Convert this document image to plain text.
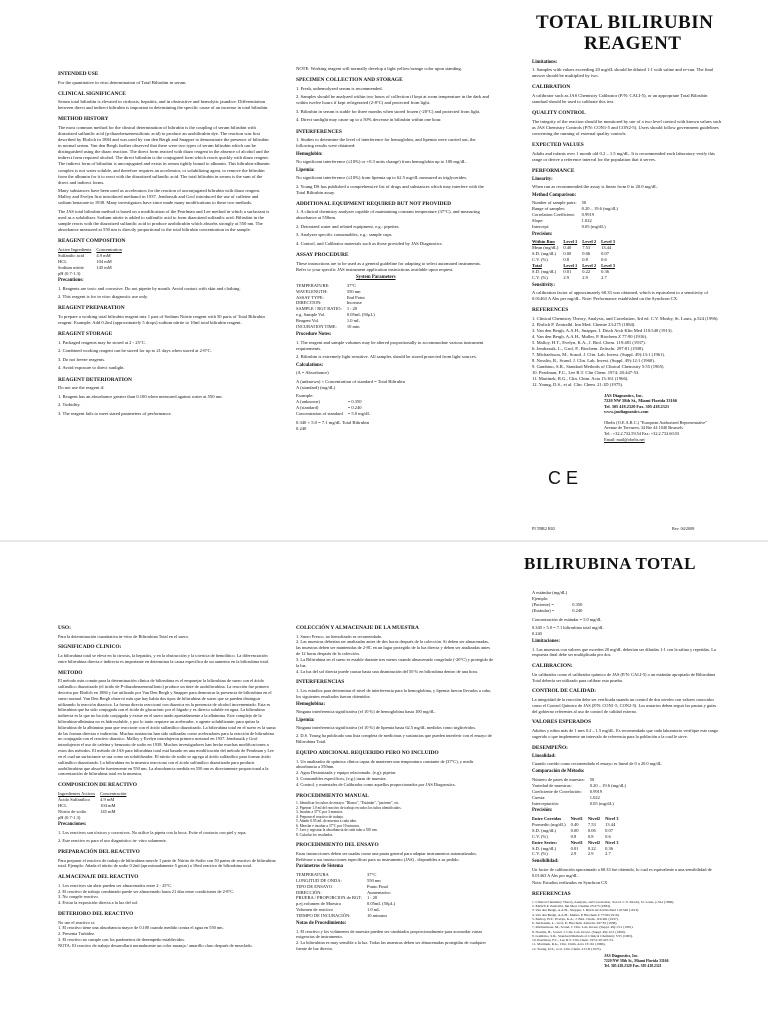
TOTAL BILIRUBIN
REAGENT
INTENDED USE

For the quantitative in vitro determination of Total Bilirubin in serum.

CLINICAL SIGNIFICANCE

Serum total bilirubin is elevated in cirrhosis, hepatitis, and in obstructive and hemolytic jaundice. Differentiation between direct and indirect bilirubin is important in determining the specific cause of an increase in total bilirubin.

METHOD HISTORY

The most common method for the clinical determination of bilirubin is the coupling of serum bilirubin with diazotized sulfanilic acid (p-diazobenzenesulfonic acid) to produce an azobilirubin dye. The reaction was first described by Ehrlich in 1884 and was used by van den Bergh and Snapper to demonstrate the presence of bilirubin in normal serum. Van den Bergh further observed that there were two types of serum bilirubin which can be distinguished using the diazo reaction. The direct form reacted with diazo reagent in the absence of alcohol and the indirect form required alcohol. The direct bilirubin is the conjugated form which reacts quickly with diazo reagent. The indirect form of bilirubin is unconjugated and exists in serum tightly bound to albumin. This bilirubin-albumin complex is not water soluble, and therefore requires an accelerator, or solubilizing agent, to remove the bilirubin from the albumin for it to react with the diazotized sulfanilic acid. The total bilirubin in serum is the sum of the direct and indirect forms.

Many substances have been used as accelerators for the reaction of unconjugated bilirubin with diazo reagent. Malloy and Evelyn first introduced methanol in 1937. Jendrassik and Grof introduced the use of caffeine and sodium benzoate in 1938. Many investigators have since made many modifications to these two methods.

The JAS total bilirubin method is based on a modification of the Pearlman and Lee method in which a surfactant is used as a solubilizer. Sodium nitrite is added to sulfanilic acid to form diazotized sulfanilic acid. Bilirubin in the sample reacts with the diazotized sulfanilic acid to produce azobilirubin which absorbs strongly at 550 nm. The absorbance measured at 550 nm is directly proportional to the total bilirubin concentration in the sample.

REAGENT COMPOSITION
Active Ingredients	Concentration
Sulfanilic acid	4.9 mM
HCL	104 mM
Sodium nitrite	145 mM
pH (0.7-1.3)	
Precautions:

1. Reagents are toxic and corrosive. Do not pipette by mouth. Avoid contact with skin and clothing.

2. This reagent is for in vitro diagnostic use only.

REAGENT PREPARATION

To prepare a working total bilirubin reagent mix 1 part of Sodium Nitrite reagent with 50 parts of Total Bilirubin reagent. Example: Add 0.2ml (approximately 5 drops) sodium nitrite to 10ml total bilirubin reagent.

REAGENT STORAGE

1. Packaged reagents may be stored at 2 - 25°C.

2. Combined working reagent can be stored for up to 21 days when stored at 2-8°C.

3. Do not freeze reagents.

4. Avoid exposure to direct sunlight.

REAGENT DETERIORATION

Do not use the reagent if:

1. Reagent has an absorbance greater than 0.100 when measured against water at 550 nm.

2. Turbidity.

3. The reagent fails to meet stated parameters of performance.

NOTE: Working reagent will normally develop a light yellow/orange color upon standing.

SPECIMEN COLLECTION AND STORAGE

1. Fresh, unhemolyzed serum is recommended.

2. Samples should be analyzed within two hours of collection if kept at room temperature in the dark and within twelve hours if kept refrigerated (2-8°C) and protected from light.

3. Bilirubin in serum is stable for three months when stored frozen (-20°C) and protected from light.

4. Direct sunlight may cause up to a 50% decrease in bilirubin within one hour.

INTERFERENCES

1. Studies to determine the level of interference for hemoglobin, and lipemia were carried out, the following results were obtained:

Hemoglobin:

No significant interference (≤10%) or +0.3 units change) from hemoglobin up to 100 mg/dL.

Lipemia:

No significant interference (≤10%) from lipemia up to 62.5 mg/dL measured as triglycerides.

2. Young DS has published a comprehensive list of drugs and substances which may interfere with the Total Bilirubin assay.

ADDITIONAL EQUIPMENT REQUIRED BUT NOT PROVIDED

1. A clinical chemistry analyzer capable of maintaining constant temperature (37°C), and measuring absorbance at 550nm.

2. Deionized water and related equipment, e.g.: pipettes.

3. Analyzer specific consumables, e.g.: sample cups.

4. Control, and Calibrator materials such as those provided by JAS Diagnostics.

ASSAY PROCEDURE

These instructions are to be used as a general guideline for adapting to select automated instruments. Refer to your specific JAS instrument application instructions available upon request.

System Parameters
TEMPERATURE:	37°C
WAVELENGTH:	550 nm
ASSAY TYPE:	End Point
DIRECTION:	Increase
SAMPLE / RGT RATIO:	1 : 20
e.g. Sample Vol.	0.05mL (50µL)
Reagent Vol.	1.0 mL
INCUBATION TIME:	10 min
Procedure Notes:

1. The reagent and sample volumes may be altered proportionally to accommodate various instrument requirements.

2. Bilirubin is extremely light sensitive. All samples should be stored protected from light sources.

Calculations:

(A = Absorbance)

A (unknown) × Concentration of standard = Total Bilirubin

A (standard) (mg/dL)

Example:

A (unknown)	= 0.350
A (standard)	= 0.240
Concentration of standard	= 5.0 mg/dL

0.340 × 5.0 = 7.1 mg/dL Total Bilirubin

0.240

Limitations:

1. Samples with values exceeding 20 mg/dL should be diluted 1:1 with saline and re-run. The final answer should be multiplied by two.

CALIBRATION

A calibrator such as JAS Chemistry Calibrator (P/N: CALI-5), or an appropriate Total Bilirubin standard should be used to calibrate this test.

QUALITY CONTROL

The integrity of the reaction should be monitored by use of a two level control with known values such as JAS Chemistry Controls (P/N: CON1-5 and CON2-5). Users should follow government guidelines concerning the running of external quality controls.

EXPECTED VALUES

Adults and infants over 1 month old 0.2 – 1.5 mg/dL. It is recommended each laboratory verify this range or derive a reference interval for the population that it serves.

PERFORMANCE
Linearity:

When run as recommended the assay is linear from 0 to 20.0 mg/dL.

Method Comparison:
Number of sample pairs:	50
Range of samples:	0.20 – 19.6 (mg/dL)
Correlation Coefficient:	0.9919
Slope:	1.022
Intercept:	0.05 (mg/dL)
Precision:
Within Run	Level 1	Level 2	Level 3
Mean (mg/dL)	0.40	7.53	13.44
S.D. (mg/dL)	0.00	0.06	0.07
C.V. (%)	0.8	0.8	0.6
Total	Level 1	Level 2	Level 3
S.D. (mg/dL)	0.01	0.22	0.36
C.V. (%)	2.9	2.9	2.7
Sensitivity:

A calibration factor of approximately 68.33 was obtained, which is equivalent to a sensitivity of 0.01463 A Abs per mg/dL. Note: Performance established on the Synchron CX.

REFERENCES

1. Clinical Chemistry Theory, Analysis, and Correlation, 3rd ed. C.V. Mosby, St. Louis, p.524 (1996).

2. Ehrlich P. Zentralbl. Inn Med. Chemie 23:275 (1884).

3. Van den Bergh, A.A.H., Snapper, I. Dtsch Arch Klin Med 110:540 (1913).

4. Van den Bergh, A.A.H., Muller, P. Biochem Z 77:90 (1916).

5. Malloy, H.T., Evelyn, K.A., J. Biol. Chem. 119:481 (1937).

6. Jendrassik, L., Grof, P., Biochem. Zeitschr. 297:81 (1938).

7. Michaelsson, M., Scand. J. Clin. Lab. Invest. (Suppl. 49):13:1 (1961).

8. Nosslin, B., Scand. J. Clin. Lab. Invest. (Suppl. 49):12:1 (1960).

9. Gambino, S.R., Standard Methods of Clinical Chemistry 5:55 (1965).

10. Pearlman, F.C., Lee R.T. Clin Chem. 1974; 20:447-53.

11. Martinek, R.G., Clin. Chim. Acta 13:161 (1966).

12. Young, D.S., et al. Clin. Chem. 21:1D (1975).

JAS Diagnostics, Inc.
7220 NW 58th St., Miami Florida 33166
Tel. 305 418.2320 Fax. 305 418.2321
www.jasdiagnostics.com
Obelis (O.E.A.R.C.) "European Authorized Representative"
Avenue de Tervuren, 34 Bte 44 1040 Brussels
Tel.: +32.2.732.59.54 Fax: +32.2.732.60.03
Email: mail@obelis.net
C E
PI TBR2 R02	Rev. 04/2008
BILIRUBINA TOTAL
USO:

Para la determinación cuantitativa in-vitro de Bilirrubina Total en el suero.

SIGNIFICADO CLINICO:

La bilirrubina total se eleva en la cirrosis, la hepatitis, y en la obstrucción y la ictericia de hemolítico. La diferenciación entre bilirrubina directa e indirecta es importante en determinar la causa específica de un aumento en la bilirrubina total.

METODO

El método más común para la determinación clínica de bilirrubina es el emparejar la bilirrubina de suero con el ácido sulfanílico diazotizado (el ácido de P-diazobenzenesulfonic) produce un tinte de azobilirrubina. La reacción fue primero descrita por Ehrlich en 1884 y fue utilizado por Van Den Bergh y Snapper para demostrar la presencia de bilirrubina en el suero normal. Van Den Bergh observó más que hay había dos tipos de bilirrubina de suero que se pueden distinguir utilizando la reacción diazoica. La forma directa reaccionó con diazoica en la presencia de alcohol incrementado. Esta es bilirrubina que ha sido conjugada con el ácido de glucurónic por el hígado y es directo soluble en agua. La bilirrubina indirecta es la que no ha sido conjugada y existe en el suero atado apretadamente a la albúmina. Este complejo de la bilirrubina-albúmina no es hidrosoluble, y por lo tanto requiere un acelerador, o agente solubilizante, para quitar la bilirrubina de la albúmina para que reaccione con el ácido sulfanílico diazotizado. La bilirrubina total en el suero es la suma de las formas directas e indirectas. Muchas sustancias han sido utilizadas como aceleradores para la reacción de bilirrubina no conjugada con el reactivo diazoico. Malloy y Evelyn introdujeron primero metanol en 1937. Jendrassik y Grof introdujeron el uso de cafeína y benzoato de sodio en 1938. Muchos investigadores han hecho muchas modificaciones a estos dos métodos. El método de JAS para bilirrubina total está basado en una modificación del método de Pearlman y Lee en el cual un surfactante se usa como un solubilizador. El nitrito de sodio se agrega al ácido sulfanílico para formar ácido sulfanílico diazotizado. La bilirrubina en la muestra reacciona con el ácido sulfanílico diazotizado para producir azobilirrubina que absorbe fuertemente en 550 nm. La absorbancia medida en 550 nm es directamente proporcional a la concentración de bilirrubina total en la muestra.

COMPOSICION DE REACTIVO
Ingredientes Activos	Concentración
Ácido Sulfanílico	4.9 mM
HCL	104 mM
Nitrito de sodio	145 mM
pH (0.7-1.3)	
Precauciones:

1. Los reactivos son tóxicos y corrosivos. No utilice la pipeta con la boca. Evite el contacto con piel y ropa.

2. Este reactivo es para el uso diagnóstico in- vitro solamente.

PREPARACIÓN DEL REACTIVO

Para preparar el reactivo de trabajo de bilirrubina mezcle 1 parte de Nitrito de Sodio con 50 partes de reactivo de bilirrubina total. Ejemplo: Añada el nitrito de sodio 0.2ml (aproximadamente 5 gotas) a 10ml reactivo de bilirrubina total.

ALMACENAJE DEL REACTIVO

1. Los reactivos sin abrir pueden ser almacenados entre 2 - 25°C.

2. El reactivo de trabajo combinado puede ser almacenado hasta 21 días entre condiciones de 2-8°C.

3. No congele reactivo.

4. Evitar la exposición directa a la luz del sol.

DETERIORO DEL REACTIVO

No use el reactivo si:

1. El reactivo tiene una absorbancia mayor de 0.100 cuando medido contra el agua en 550 nm.

2. Presenta Turbidez.

3. El reactivo no cumple con los parámetros de desempeño establecidos.

NOTA: El reactivo de trabajo desarrollará normalmente un color naranja / amarillo claro después de mezclado.

COLECCIÓN Y ALMACENAJE DE LA MUESTRA

1. Suero Fresco, no hemolizado es recomendado.

2. Las muestras deberían ser analizadas antes de dos horas después de la colección. Si deben ser almacenadas, las muestras deben ser mantenidas de 2-8C en un lugar protegido de la luz directa y deben ser analizadas antes de 12 horas después de la colección.

3. La Bilirrubina en el suero es estable durante tres meses cuando almacenado congelado (-20°C) y protegido de la luz.

4. La luz del sol directa puede causar hasta una disminución del 50 % en bilirrubina dentro de una hora.

INTERFERENCIAS

1. Los estudios para determinar el nivel de interferencia para la hemoglobina, y lipemia fueron llevados a cabo, los siguientes resultados fueron obtenidos:

Hemoglobina:

Ninguna interferencia significativa (el 10 %) de hemoglobina hasta 100 mg/dL.

Lipemia:

Ninguna interferencia significativa (el 10 %) de lipemia hasta 62.5 mg/dL medidos como triglicéridos.

2. D.S. Young ha publicado una lista completa de medicinas y sustancias que pueden interferir con el ensayo de Bilirrubina Total.

EQUIPO ADICIONAL REQUERIDO PERO NO INCLUIDO

1. Un analizador de química clínica capaz de mantener una temperatura constante de (37°C), y medir absorbancia a 550nm.

2. Agua Desionizada y equipo relacionado. (e.g): pipetas

3. Consumibles específicos, (e.g.) tazas de muestra.

4. Control, y materiales de Calibrador como aquellos proporcionados por JAS Diagnostics.

PROCEDIMIENTO MANUAL
1. Identificar los tubos de ensayo: "Blanco", "Estándar", "paciente", etc.
2. Pipetear 1.0 ml del reactivo de trabajo en todos los tubos identificados.
3. Incubar a 37°C por 3 minutos.
4. Preparar el reactivo de trabajo.
5. Añadir 0.05 mL de muestra a cada tubo.
6. Mezclar e incubar a 37°C por 10 minutos.
7. Leer y registrar la absorbancia de cada tubo a 550 nm.
8. Calcular los resultados.
PROCEDIMIENTO DEL ENSAYO

Estas instrucciones deben ser usadas como una pauta general para adaptar instrumentos automatizados. Refiérase a sus instrucciones específicas para su instrumento (JAS) , disponibles a su pedido.

Parámetros de Sistema
TEMPERATURA	37°C
LONGITUD DE ONDA:	550 nm
TIPO DE ENSAYO	Punto Final
DIRECCIÓN:	Aumentativo
PRUEBA / PROPORCION de RGT:	1 : 20
p.ej.volumen de Muestra	0.05mL (50µL)
Volumen de reactivo	1.0 mL
TIEMPO DE INCUBACIÓN:	10 minutos
Notas de Procedimiento:

1. El reactivo y los volúmenes de muestra pueden ser cambiados proporcionalmente para acomodar varias exigencias de instrumento.

2. La bilirrubina es muy sensible a la luz. Todas las muestras deben ser almacenadas protegidas de cualquier fuente de luz directa.

A estándar (mg/dL)	
Ejemplo:	
(Paciente) =	0.350
(Estándar) =	0.240

Concentración de estándar = 5.0 mg/dL

0.340 × 5.0 = 7.1 bilirrubina total mg/dL

0.240

Limitaciones:

1. Las muestras con valores que exceden 20 mg/dL deberían ser diluidas 1:1 con la salina y repetidas. La respuesta final debe ser multiplicada por dos.

CALIBRACION:

Un calibrador como el calibrador químico de JAS (P/N: CALI-5) o un estándar apropiado de Bilirrubina Total debería ser utilizado para calibrar esta prueba.

CONTROL DE CALIDAD:

La integridad de la reacción debe ser verificada usando un control de dos niveles con valores conocidos como el Control Químico de JAS (P/N: CON1-5, CON2-5). Los usuarios deben seguir las pautas y guías del gobierno referentes al uso de control de calidad externo.

VALORES ESPERADOS

Adultos y niños más de 1 mes 0.2 – 1.5 mg/dL. Es recomendado que cada laboratorio verifique este rango sugerido o que implemente un intervalo de referencia para la población a la cual le sirve.

DESEMPEÑO:
Linealidad:

Cuando corrido como recomendado el ensayo es lineal de 0 a 20.0 mg/dL.

Comparación de Método:
Número de pares de muestra:	50
Variedad de muestras:	0.20 – 19.6 (mg/dL)
Coeficiente de Correlación:	0.9919
Cuesta:	1.022
Interceptación:	0.05 (mg/dL)
Precisión:
Entre Corridas	Nivel1	Nivel2	Nivel 3
Promedio (mg/dL)	0.40	7.53	13.44
S.D. (mg/dL)	0.00	0.06	0.07
C.V. (%)	0.8	0.8	0.6
Entre Series:	Nivel1	Nivel2	Nivel 3
S.D. (mg/dL)	0.01	0.22	0.36
C.V. (%)	2.9	2.9	2.7
Sensibilidad:

Un factor de calibración aproximado a 68.33 fue obtenido, lo cual es equivalente a una sensibilidad de 0.01463 A Abs por mg/dL.

Nota: Estudios realizados en Synchron CX

REFERENCIAS
1. Clinical Chemistry Theory, Analysis, and Correlation, 3rd ed. C.V. Mosby, St. Louis, p.524 (1996).
2. Ehrlich P. Zentralbl. Inn Med. Chemie 23:275 (1884).
3. Van den Bergh, A.A.H., Snapper, I. Dtsch Arch Klin Med 110:540 (1913).
4. Van den Bergh, A.A.H., Muller, P. Biochem Z 77:90 (1916).
5. Malloy, H.T., Evelyn, K.A., J. Biol. Chem. 119:481 (1937).
6. Jendrassik, L., Grof, P., Biochem. Zeitschr. 297:81 (1938).
7. Michaelsson, M., Scand. J. Clin. Lab. Invest. (Suppl. 49):13:1 (1961).
8. Nosslin, B., Scand. J. Clin. Lab. Invest. (Suppl. 49):12:1 (1960).
9. Gambino, S.R., Standard Methods of Clinical Chemistry 5:55 (1965).
10. Pearlman, F.C., Lee R.T. Clin Chem. 1974; 20:447-53.
11. Martinek, R.G., Clin. Chim. Acta 13:161 (1966).
12. Young, D.S., et al. Clin. Chem. 21:1D (1975).
JAS Diagnostics, Inc.
7220 NW 58th St., Miami Florida 33166
Tel. 305 418.2320 Fax. 305 418.2321
